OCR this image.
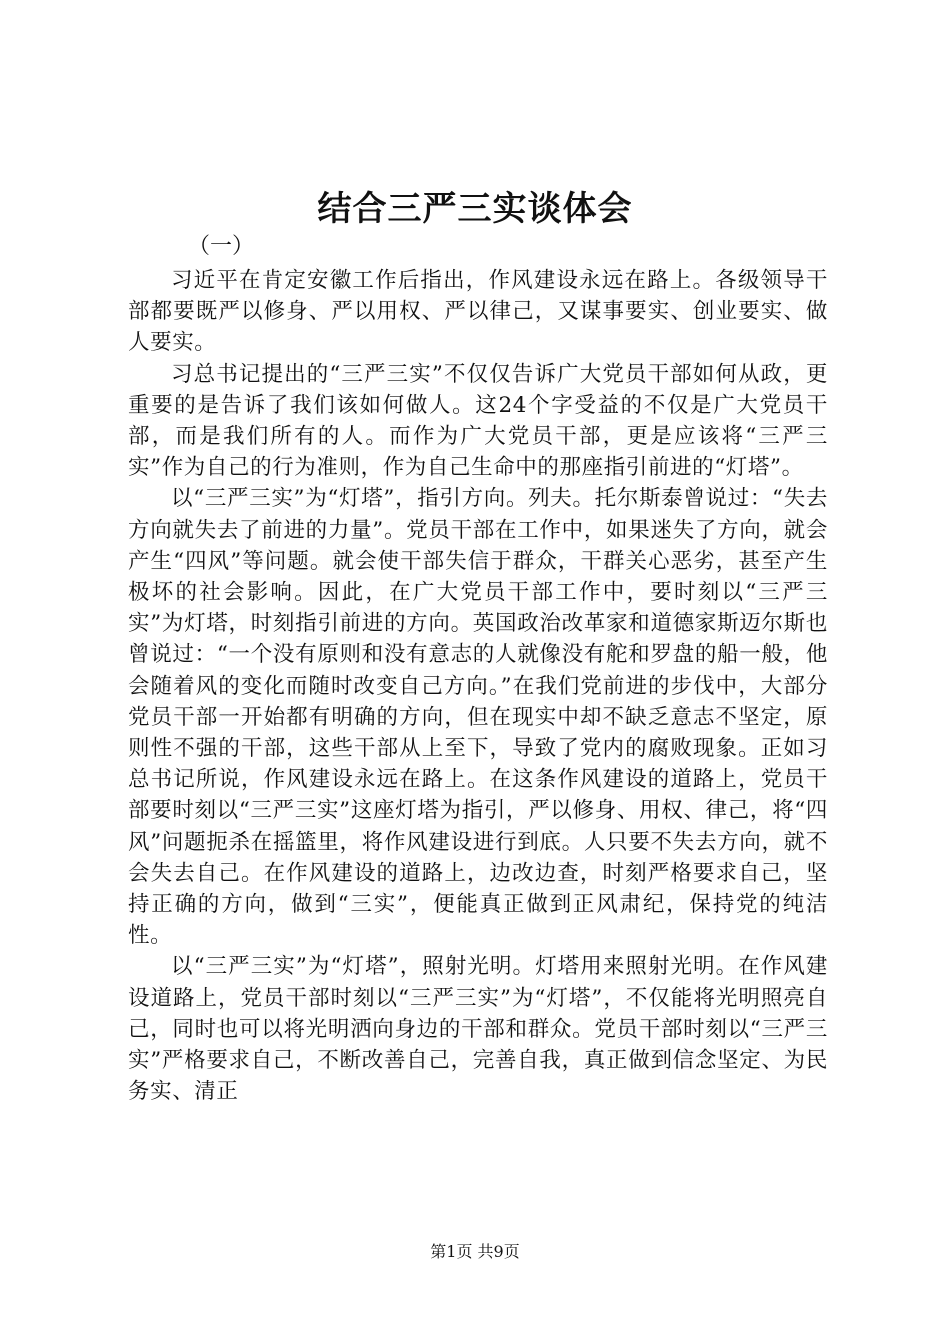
结合三严三实谈体会

（一）

习近平在肯定安徽工作后指出，作风建设永远在路上。各级领导干部都要既严以修身、严以用权、严以律己，又谋事要实、创业要实、做人要实。

习总书记提出的“三严三实”不仅仅告诉广大党员干部如何从政，更重要的是告诉了我们该如何做人。这24个字受益的不仅是广大党员干部，而是我们所有的人。而作为广大党员干部，更是应该将“三严三实”作为自己的行为准则，作为自己生命中的那座指引前进的“灯塔”。

以“三严三实”为“灯塔”，指引方向。列夫。托尔斯泰曾说过：“失去方向就失去了前进的力量”。党员干部在工作中，如果迷失了方向，就会产生“四风”等问题。就会使干部失信于群众，干群关心恶劣，甚至产生极坏的社会影响。因此，在广大党员干部工作中，要时刻以“三严三实”为灯塔，时刻指引前进的方向。英国政治改革家和道德家斯迈尔斯也曾说过：“一个没有原则和没有意志的人就像没有舵和罗盘的船一般，他会随着风的变化而随时改变自己方向。”在我们党前进的步伐中，大部分党员干部一开始都有明确的方向，但在现实中却不缺乏意志不坚定，原则性不强的干部，这些干部从上至下，导致了党内的腐败现象。正如习总书记所说，作风建设永远在路上。在这条作风建设的道路上，党员干部要时刻以“三严三实”这座灯塔为指引，严以修身、用权、律己，将“四风”问题扼杀在摇篮里，将作风建设进行到底。人只要不失去方向，就不会失去自己。在作风建设的道路上，边改边查，时刻严格要求自己，坚持正确的方向，做到“三实”，便能真正做到正风肃纪，保持党的纯洁性。

以“三严三实”为“灯塔”，照射光明。灯塔用来照射光明。在作风建设道路上，党员干部时刻以“三严三实”为“灯塔”，不仅能将光明照亮自己，同时也可以将光明洒向身边的干部和群众。党员干部时刻以“三严三实”严格要求自己，不断改善自己，完善自我，真正做到信念坚定、为民务实、清正

第1页 共9页
